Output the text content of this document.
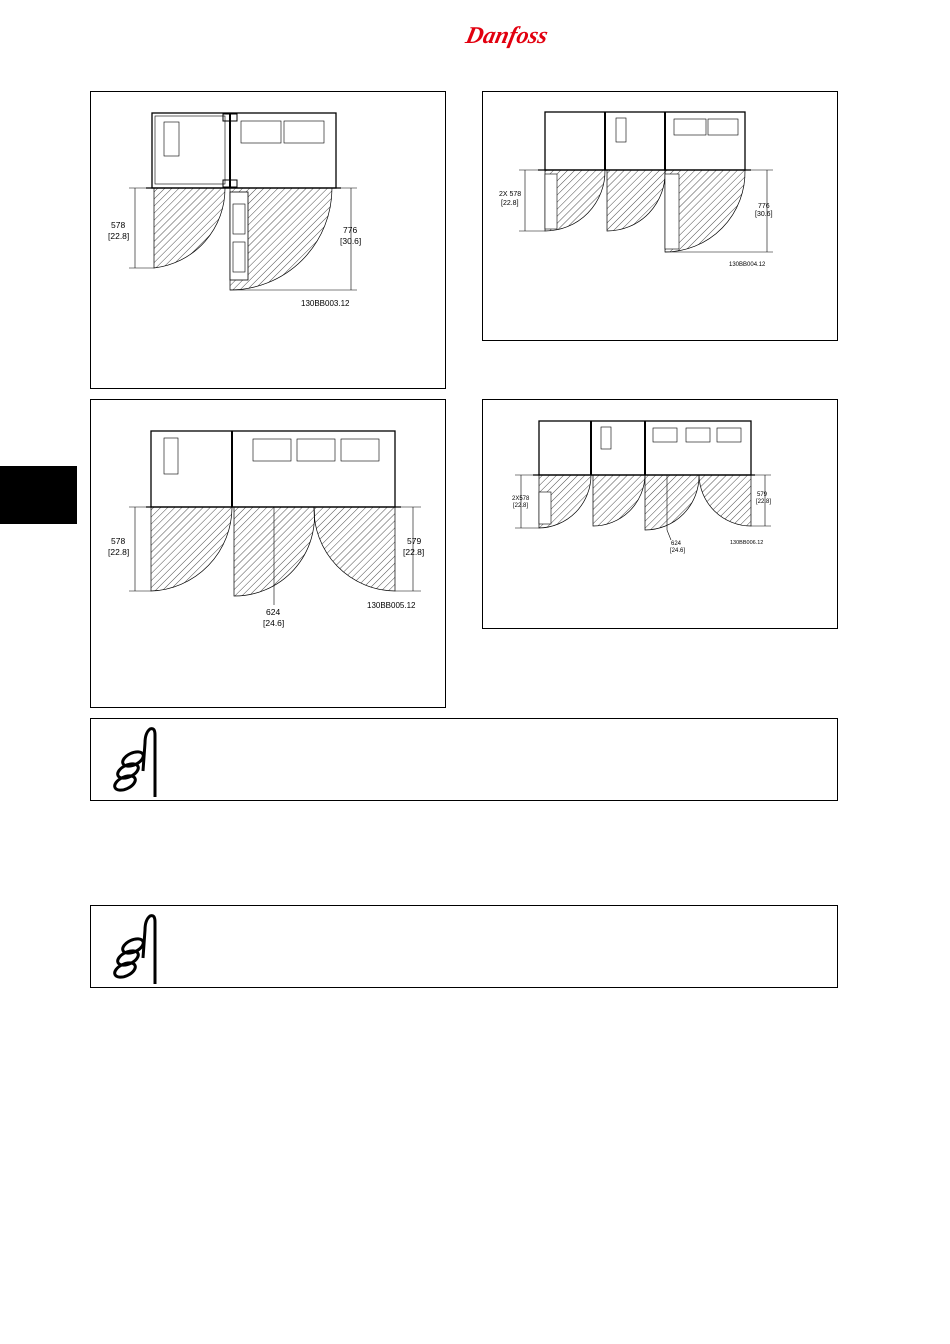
Danfoss
578
[22.8]
776
[30.6]
130BB003.12
2X 578
[22.8]	776
[30.6]
130BB004.12
578
[22.8]
579
[22.8]
624
[24.6]
130BB005.12
2X578
[22.8]
579
[22.8]
624
[24.6]
130BB006.12
